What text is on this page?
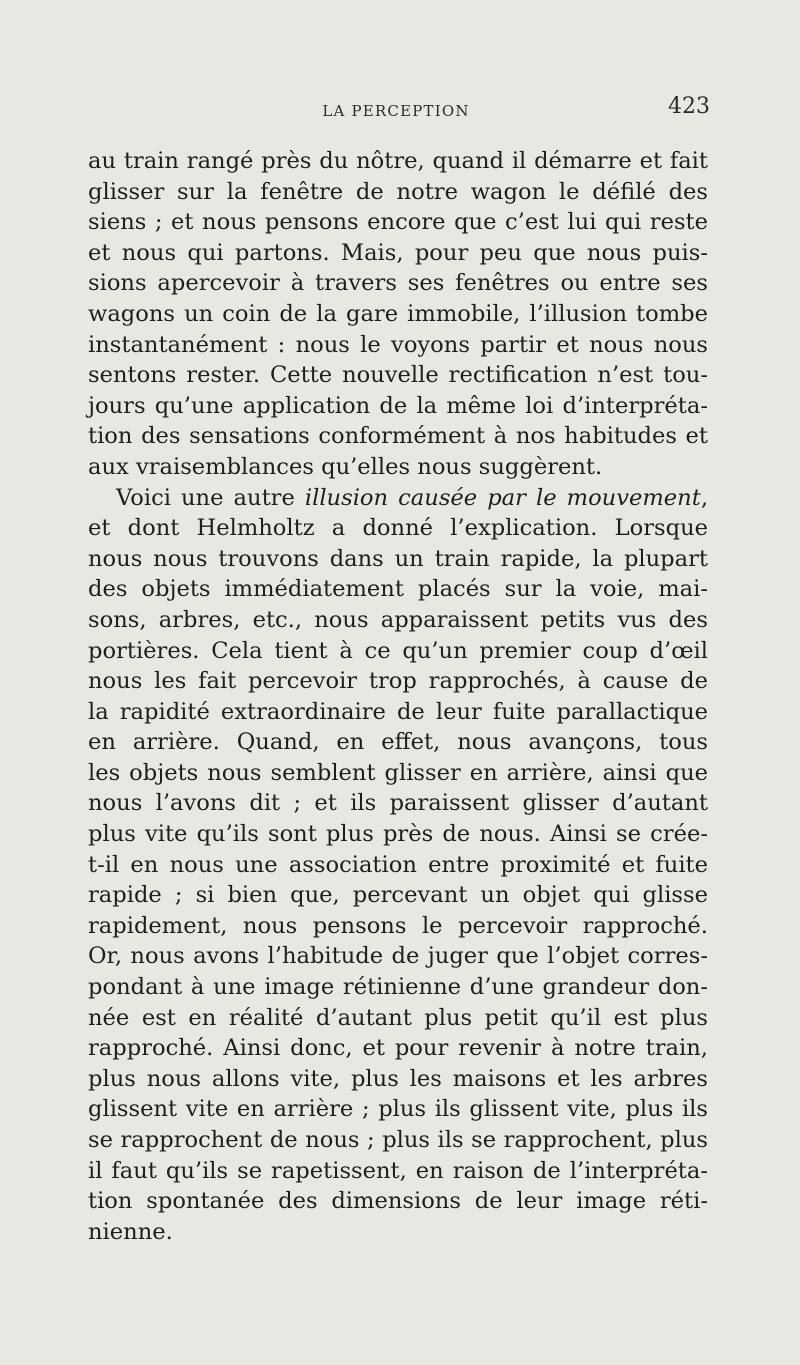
LA PERCEPTION	423
au train rangé près du nôtre, quand il démarre et fait
glisser sur la fenêtre de notre wagon le défilé des
siens ; et nous pensons encore que c’est lui qui reste
et nous qui partons. Mais, pour peu que nous puis-
sions apercevoir à travers ses fenêtres ou entre ses
wagons un coin de la gare immobile, l’illusion tombe
instantanément : nous le voyons partir et nous nous
sentons rester. Cette nouvelle rectification n’est tou-
jours qu’une application de la même loi d’interpréta-
tion des sensations conformément à nos habitudes et
aux vraisemblances qu’elles nous suggèrent.
Voici une autre illusion causée par le mouvement,
et dont Helmholtz a donné l’explication. Lorsque
nous nous trouvons dans un train rapide, la plupart
des objets immédiatement placés sur la voie, mai-
sons, arbres, etc., nous apparaissent petits vus des
portières. Cela tient à ce qu’un premier coup d’œil
nous les fait percevoir trop rapprochés, à cause de
la rapidité extraordinaire de leur fuite parallactique
en arrière. Quand, en effet, nous avançons, tous
les objets nous semblent glisser en arrière, ainsi que
nous l’avons dit ; et ils paraissent glisser d’autant
plus vite qu’ils sont plus près de nous. Ainsi se crée-
t-il en nous une association entre proximité et fuite
rapide ; si bien que, percevant un objet qui glisse
rapidement, nous pensons le percevoir rapproché.
Or, nous avons l’habitude de juger que l’objet corres-
pondant à une image rétinienne d’une grandeur don-
née est en réalité d’autant plus petit qu’il est plus
rapproché. Ainsi donc, et pour revenir à notre train,
plus nous allons vite, plus les maisons et les arbres
glissent vite en arrière ; plus ils glissent vite, plus ils
se rapprochent de nous ; plus ils se rapprochent, plus
il faut qu’ils se rapetissent, en raison de l’interpréta-
tion spontanée des dimensions de leur image réti-
nienne.
